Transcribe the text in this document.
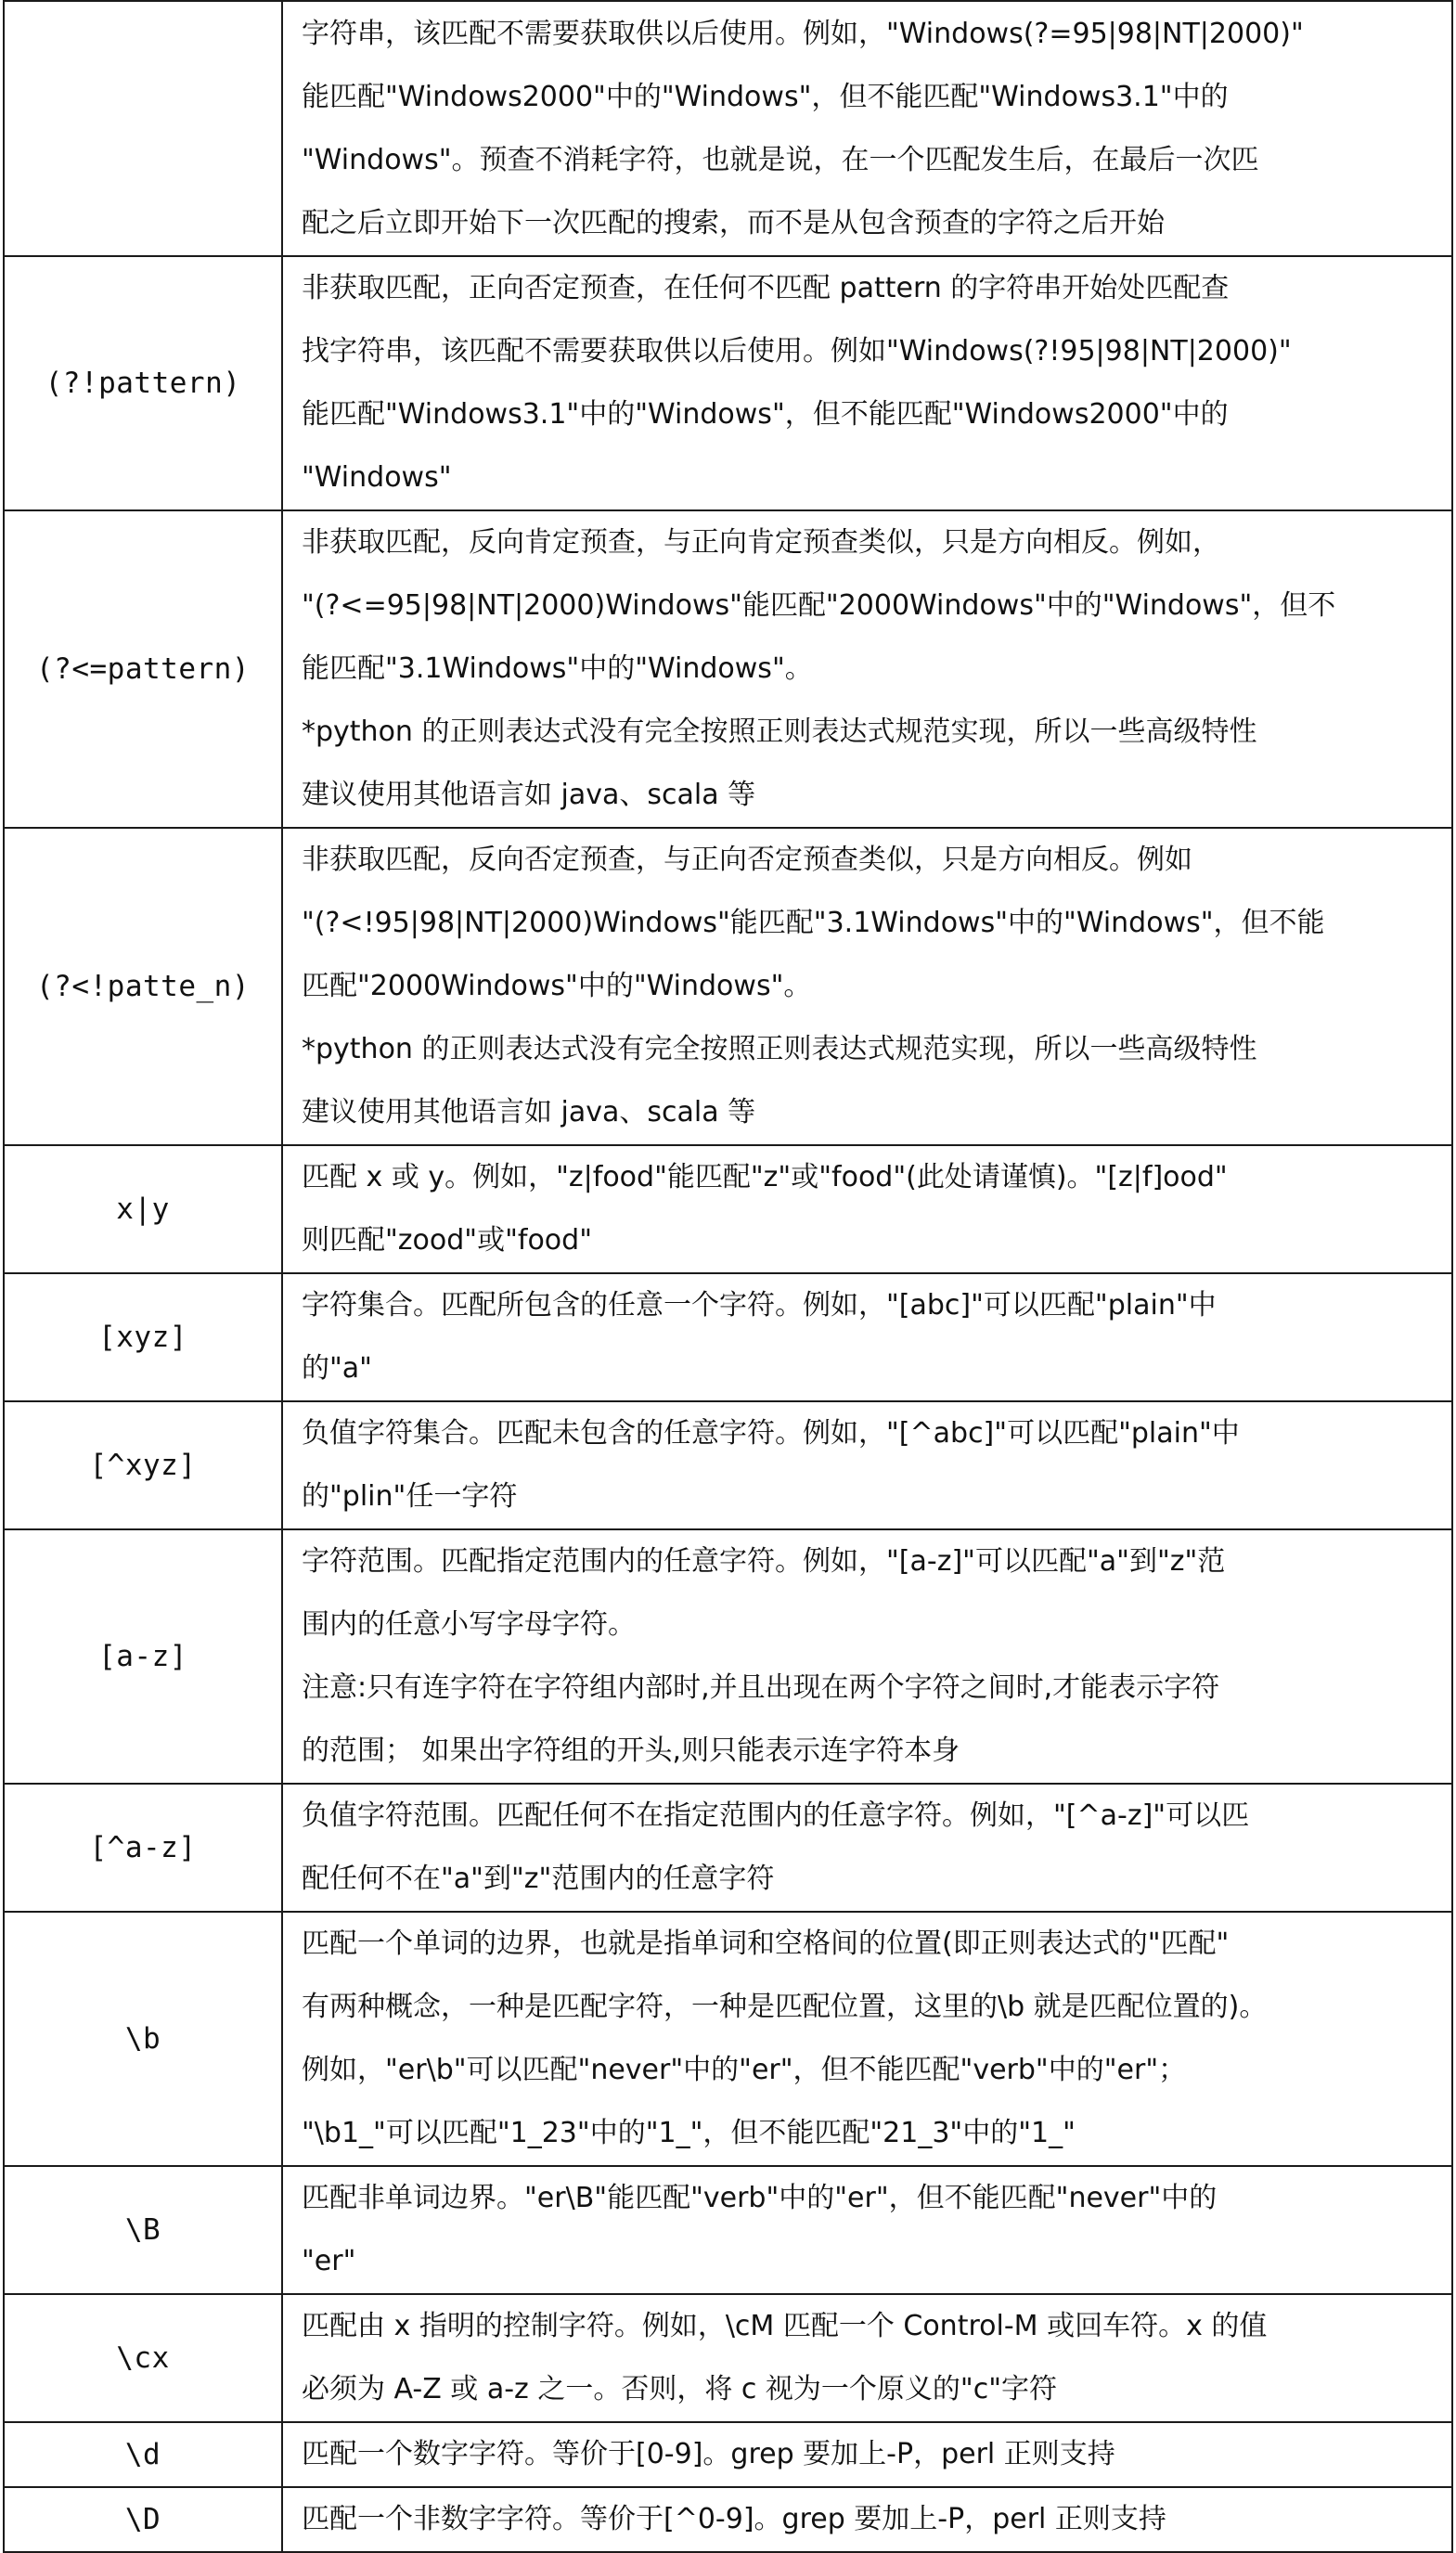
	字符串，该匹配不需要获取供以后使用。例如，"Windows(?=95|98|NT|2000)"
能匹配"Windows2000"中的"Windows"，但不能匹配"Windows3.1"中的
"Windows"。预查不消耗字符，也就是说，在一个匹配发生后，在最后一次匹
配之后立即开始下一次匹配的搜索，而不是从包含预查的字符之后开始

(?!pattern)	非获取匹配，正向否定预查，在任何不匹配 pattern 的字符串开始处匹配查
找字符串，该匹配不需要获取供以后使用。例如"Windows(?!95|98|NT|2000)"
能匹配"Windows3.1"中的"Windows"，但不能匹配"Windows2000"中的
"Windows"

(?<=pattern)	非获取匹配，反向肯定预查，与正向肯定预查类似，只是方向相反。例如，
"(?<=95|98|NT|2000)Windows"能匹配"2000Windows"中的"Windows"，但不
能匹配"3.1Windows"中的"Windows"。
*python 的正则表达式没有完全按照正则表达式规范实现，所以一些高级特性
建议使用其他语言如 java、scala 等

(?<!patte_n)	非获取匹配，反向否定预查，与正向否定预查类似，只是方向相反。例如
"(?<!95|98|NT|2000)Windows"能匹配"3.1Windows"中的"Windows"，但不能
匹配"2000Windows"中的"Windows"。
*python 的正则表达式没有完全按照正则表达式规范实现，所以一些高级特性
建议使用其他语言如 java、scala 等

x|y	匹配 x 或 y。例如，"z|food"能匹配"z"或"food"(此处请谨慎)。"[z|f]ood"
则匹配"zood"或"food"

[xyz]	字符集合。匹配所包含的任意一个字符。例如，"[abc]"可以匹配"plain"中
的"a"

[^xyz]	负值字符集合。匹配未包含的任意字符。例如，"[^abc]"可以匹配"plain"中
的"plin"任一字符

[a-z]	字符范围。匹配指定范围内的任意字符。例如，"[a-z]"可以匹配"a"到"z"范
围内的任意小写字母字符。
注意:只有连字符在字符组内部时,并且出现在两个字符之间时,才能表示字符
的范围； 如果出字符组的开头,则只能表示连字符本身

[^a-z]	负值字符范围。匹配任何不在指定范围内的任意字符。例如，"[^a-z]"可以匹
配任何不在"a"到"z"范围内的任意字符

\b	匹配一个单词的边界，也就是指单词和空格间的位置(即正则表达式的"匹配"
有两种概念，一种是匹配字符，一种是匹配位置，这里的\b 就是匹配位置的)。
例如，"er\b"可以匹配"never"中的"er"，但不能匹配"verb"中的"er"；
"\b1_"可以匹配"1_23"中的"1_"，但不能匹配"21_3"中的"1_"

\B	匹配非单词边界。"er\B"能匹配"verb"中的"er"，但不能匹配"never"中的
"er"

\cx	匹配由 x 指明的控制字符。例如，\cM 匹配一个 Control-M 或回车符。x 的值
必须为 A-Z 或 a-z 之一。否则，将 c 视为一个原义的"c"字符

\d	匹配一个数字字符。等价于[0-9]。grep 要加上-P，perl 正则支持

\D	匹配一个非数字字符。等价于[^0-9]。grep 要加上-P，perl 正则支持
